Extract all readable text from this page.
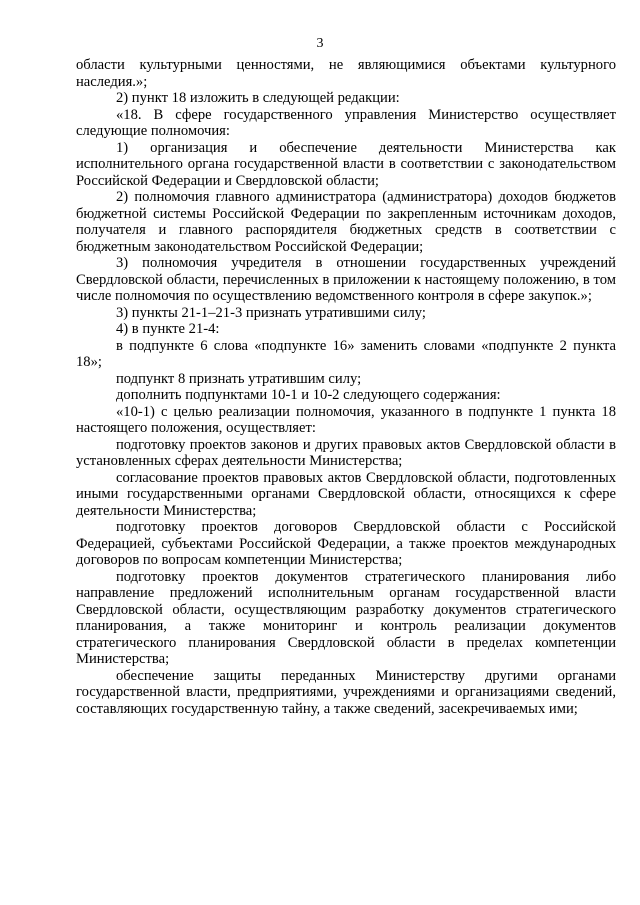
3

области культурными ценностями, не являющимися объектами культурного наследия.»;

2) пункт 18 изложить в следующей редакции:

«18. В сфере государственного управления Министерство осуществляет следующие полномочия:

1) организация и обеспечение деятельности Министерства как исполнительного органа государственной власти в соответствии с законодательством Российской Федерации и Свердловской области;

2) полномочия главного администратора (администратора) доходов бюджетов бюджетной системы Российской Федерации по закрепленным источникам доходов, получателя и главного распорядителя бюджетных средств в соответствии с бюджетным законодательством Российской Федерации;

3) полномочия учредителя в отношении государственных учреждений Свердловской области, перечисленных в приложении к настоящему положению, в том числе полномочия по осуществлению ведомственного контроля в сфере закупок.»;

3) пункты 21-1–21-3 признать утратившими силу;

4) в пункте 21-4:

в подпункте 6 слова «подпункте 16» заменить словами «подпункте 2 пункта 18»;

подпункт 8 признать утратившим силу;

дополнить подпунктами 10-1 и 10-2 следующего содержания:

«10-1) с целью реализации полномочия, указанного в подпункте 1 пункта 18 настоящего положения, осуществляет:

подготовку проектов законов и других правовых актов Свердловской области в установленных сферах деятельности Министерства;

согласование проектов правовых актов Свердловской области, подготовленных иными государственными органами Свердловской области, относящихся к сфере деятельности Министерства;

подготовку проектов договоров Свердловской области с Российской Федерацией, субъектами Российской Федерации, а также проектов международных договоров по вопросам компетенции Министерства;

подготовку проектов документов стратегического планирования либо направление предложений исполнительным органам государственной власти Свердловской области, осуществляющим разработку документов стратегического планирования, а также мониторинг и контроль реализации документов стратегического планирования Свердловской области в пределах компетенции Министерства;

обеспечение защиты переданных Министерству другими органами государственной власти, предприятиями, учреждениями и организациями сведений, составляющих государственную тайну, а также сведений, засекречиваемых ими;
